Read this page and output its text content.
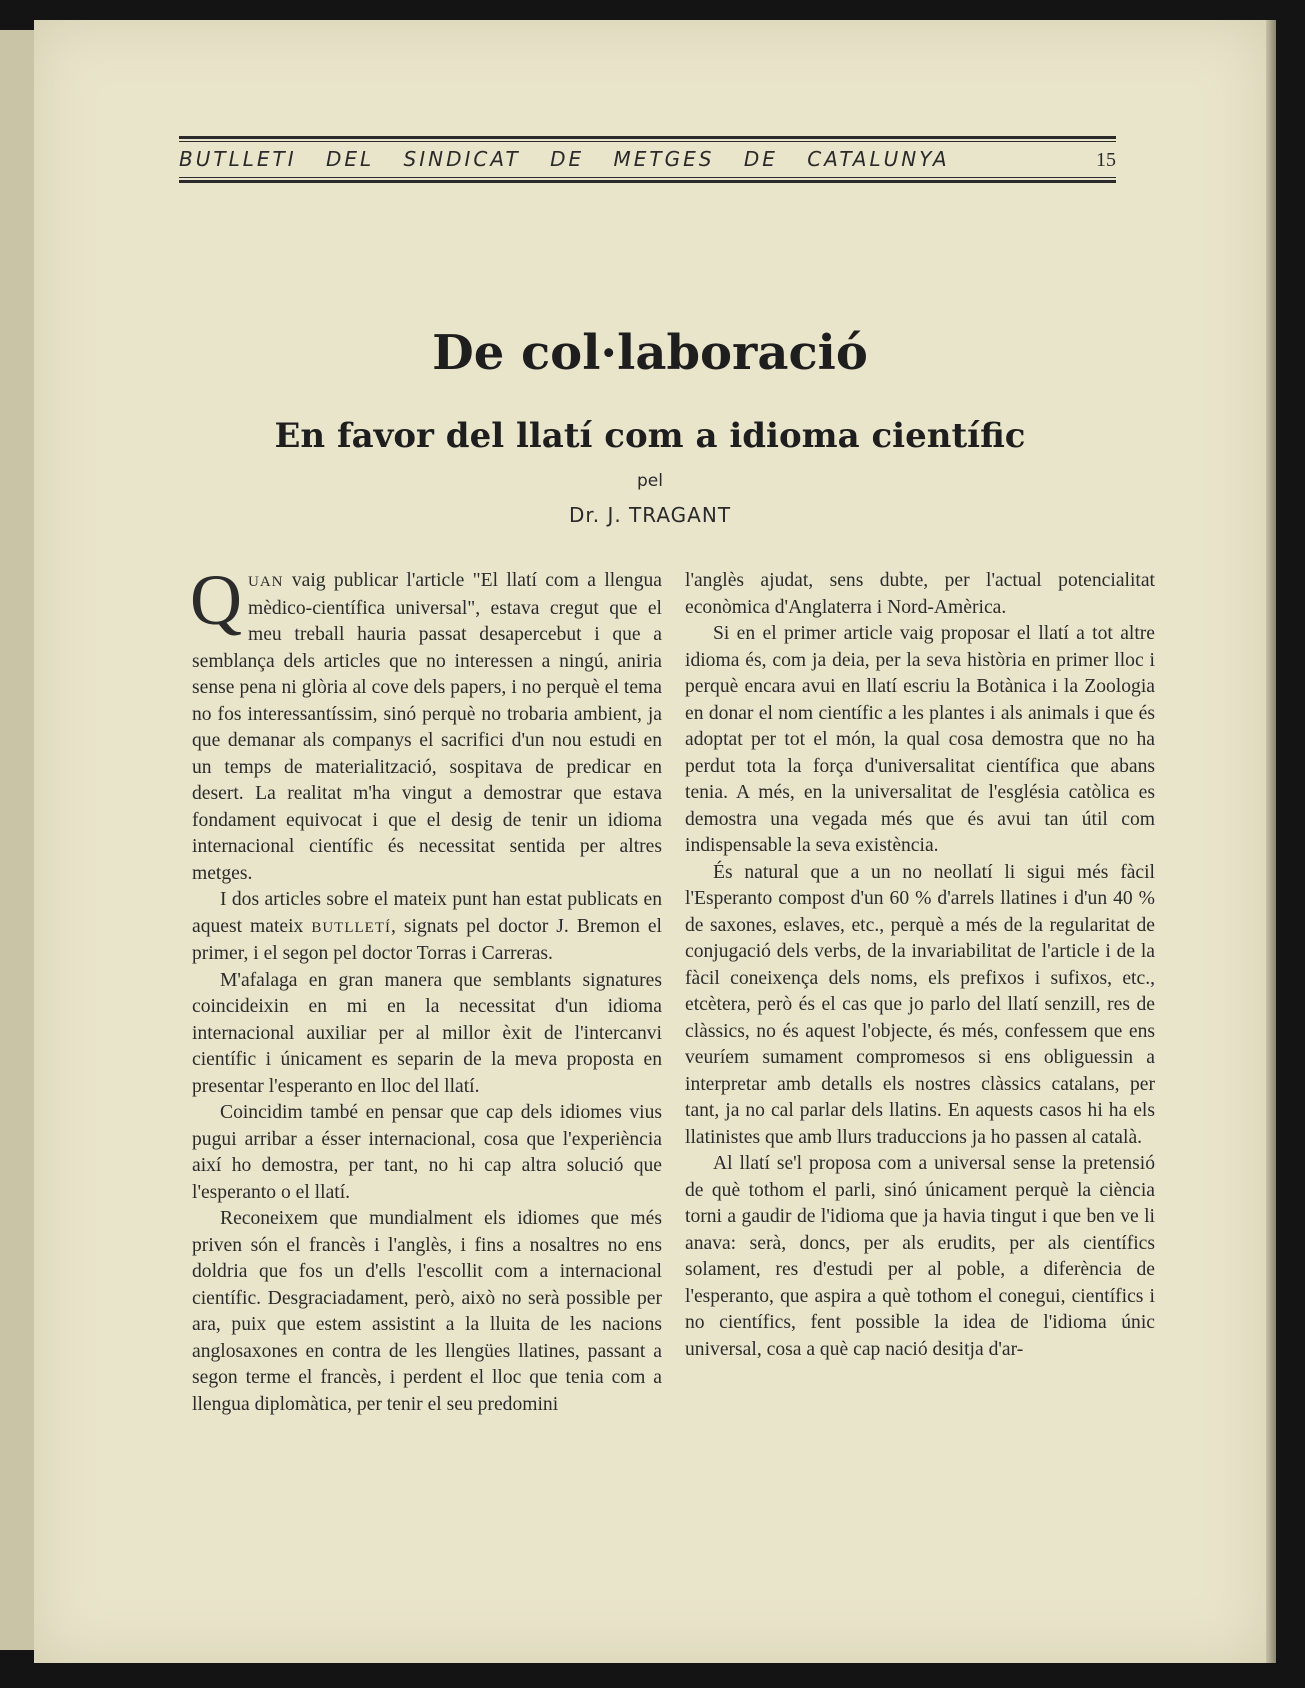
BUTLLETI DEL SINDICAT DE METGES DE CATALUNYA	15
De col·laboració
En favor del llatí com a idioma científic
pel
Dr. J. TRAGANT

QUAN vaig publicar l'article "El llatí com a llengua mèdico-científica universal", estava cregut que el meu treball hauria passat desapercebut i que a semblança dels articles que no interessen a ningú, aniria sense pena ni glòria al cove dels papers, i no perquè el tema no fos interessantíssim, sinó perquè no trobaria ambient, ja que demanar als companys el sacrifici d'un nou estudi en un temps de materialització, sospitava de predicar en desert. La realitat m'ha vingut a demostrar que estava fondament equivocat i que el desig de tenir un idioma internacional científic és necessitat sentida per altres metges.

I dos articles sobre el mateix punt han estat publicats en aquest mateix BUTLLETÍ, signats pel doctor J. Bremon el primer, i el segon pel doctor Torras i Carreras.

M'afalaga en gran manera que semblants signatures coincideixin en mi en la necessitat d'un idioma internacional auxiliar per al millor èxit de l'intercanvi científic i únicament es separin de la meva proposta en presentar l'esperanto en lloc del llatí.

Coincidim també en pensar que cap dels idiomes vius pugui arribar a ésser internacional, cosa que l'experiència així ho demostra, per tant, no hi cap altra solució que l'esperanto o el llatí.

Reconeixem que mundialment els idiomes que més priven són el francès i l'anglès, i fins a nosaltres no ens doldria que fos un d'ells l'escollit com a internacional científic. Desgraciadament, però, això no serà possible per ara, puix que estem assistint a la lluita de les nacions anglosaxones en contra de les llengües llatines, passant a segon terme el francès, i perdent el lloc que tenia com a llengua diplomàtica, per tenir el seu predomini

l'anglès ajudat, sens dubte, per l'actual potencialitat econòmica d'Anglaterra i Nord-Amèrica.

Si en el primer article vaig proposar el llatí a tot altre idioma és, com ja deia, per la seva història en primer lloc i perquè encara avui en llatí escriu la Botànica i la Zoologia en donar el nom científic a les plantes i als animals i que és adoptat per tot el món, la qual cosa demostra que no ha perdut tota la força d'universalitat científica que abans tenia. A més, en la universalitat de l'església catòlica es demostra una vegada més que és avui tan útil com indispensable la seva existència.

És natural que a un no neollatí li sigui més fàcil l'Esperanto compost d'un 60 % d'arrels llatines i d'un 40 % de saxones, eslaves, etc., perquè a més de la regularitat de conjugació dels verbs, de la invariabilitat de l'article i de la fàcil coneixença dels noms, els prefixos i sufixos, etc., etcètera, però és el cas que jo parlo del llatí senzill, res de clàssics, no és aquest l'objecte, és més, confessem que ens veuríem sumament compromesos si ens obliguessin a interpretar amb detalls els nostres clàssics catalans, per tant, ja no cal parlar dels llatins. En aquests casos hi ha els llatinistes que amb llurs traduccions ja ho passen al català.

Al llatí se'l proposa com a universal sense la pretensió de què tothom el parli, sinó únicament perquè la ciència torni a gaudir de l'idioma que ja havia tingut i que ben ve li anava: serà, doncs, per als erudits, per als científics solament, res d'estudi per al poble, a diferència de l'esperanto, que aspira a què tothom el conegui, científics i no científics, fent possible la idea de l'idioma únic universal, cosa a què cap nació desitja d'ar-
